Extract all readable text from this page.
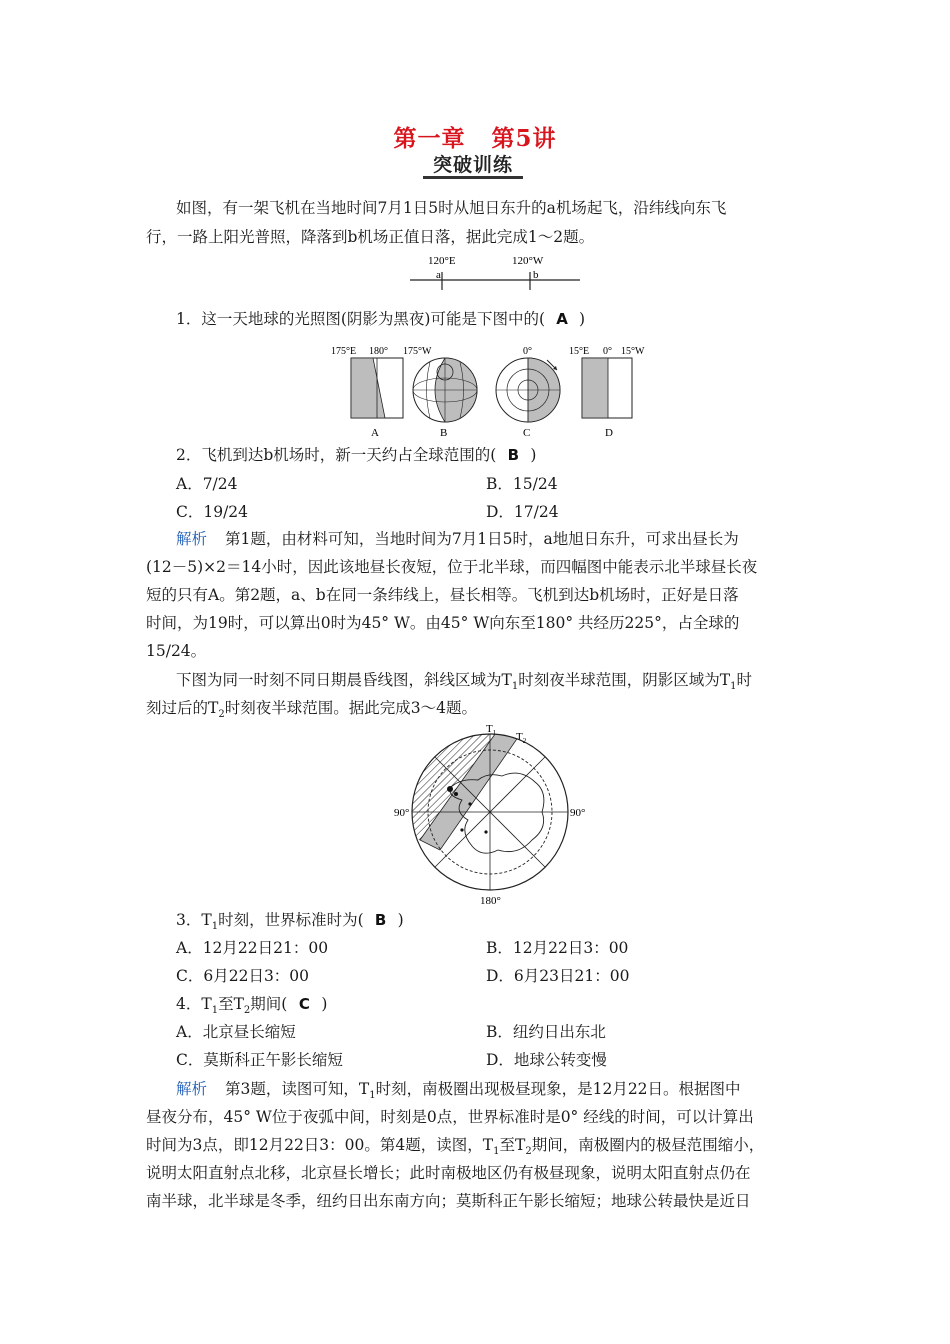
第一章 第5讲
突破训练
如图，有一架飞机在当地时间7月1日5时从旭日东升的a机场起飞，沿纬线向东飞
行，一路上阳光普照，降落到b机场正值日落，据此完成1～2题。
120°E
a
120°W
b
1．这一天地球的光照图(阴影为黑夜)可能是下图中的( A )
175°E 180°
A
175°W
B
0°
C
15°E 0° 15°W
D
2．飞机到达b机场时，新一天约占全球范围的( B )
A．7/24	B．15/24
C．19/24	D．17/24
解析 第1题，由材料可知，当地时间为7月1日5时，a地旭日东升，可求出昼长为
(12－5)×2＝14小时，因此该地昼长夜短，位于北半球，而四幅图中能表示北半球昼长夜
短的只有A。第2题，a、b在同一条纬线上，昼长相等。飞机到达b机场时，正好是日落
时间，为19时，可以算出0时为45° W。由45° W向东至180° 共经历225°，占全球的
15/24。
下图为同一时刻不同日期晨昏线图，斜线区域为$T_1$时刻夜半球范围，阴影区域为$T_1$时
刻过后的$T_2$时刻夜半球范围。据此完成3～4题。
$T_1$ $T_2$
90°	90°
180°
3．$T_1$时刻，世界标准时为( B )
A．12月22日21：00	B．12月22日3：00
C．6月22日3：00	D．6月23日21：00
4．$T_1$至$T_2$期间( C )
A．北京昼长缩短	B．纽约日出东北
C．莫斯科正午影长缩短	D．地球公转变慢
解析 第3题，读图可知，$T_1$时刻，南极圈出现极昼现象，是12月22日。根据图中
昼夜分布，45° W位于夜弧中间，时刻是0点，世界标准时是0° 经线的时间，可以计算出
时间为3点，即12月22日3：00。第4题，读图，$T_1$至$T_2$期间，南极圈内的极昼范围缩小，
说明太阳直射点北移，北京昼长增长；此时南极地区仍有极昼现象，说明太阳直射点仍在
南半球，北半球是冬季，纽约日出东南方向；莫斯科正午影长缩短；地球公转最快是近日
